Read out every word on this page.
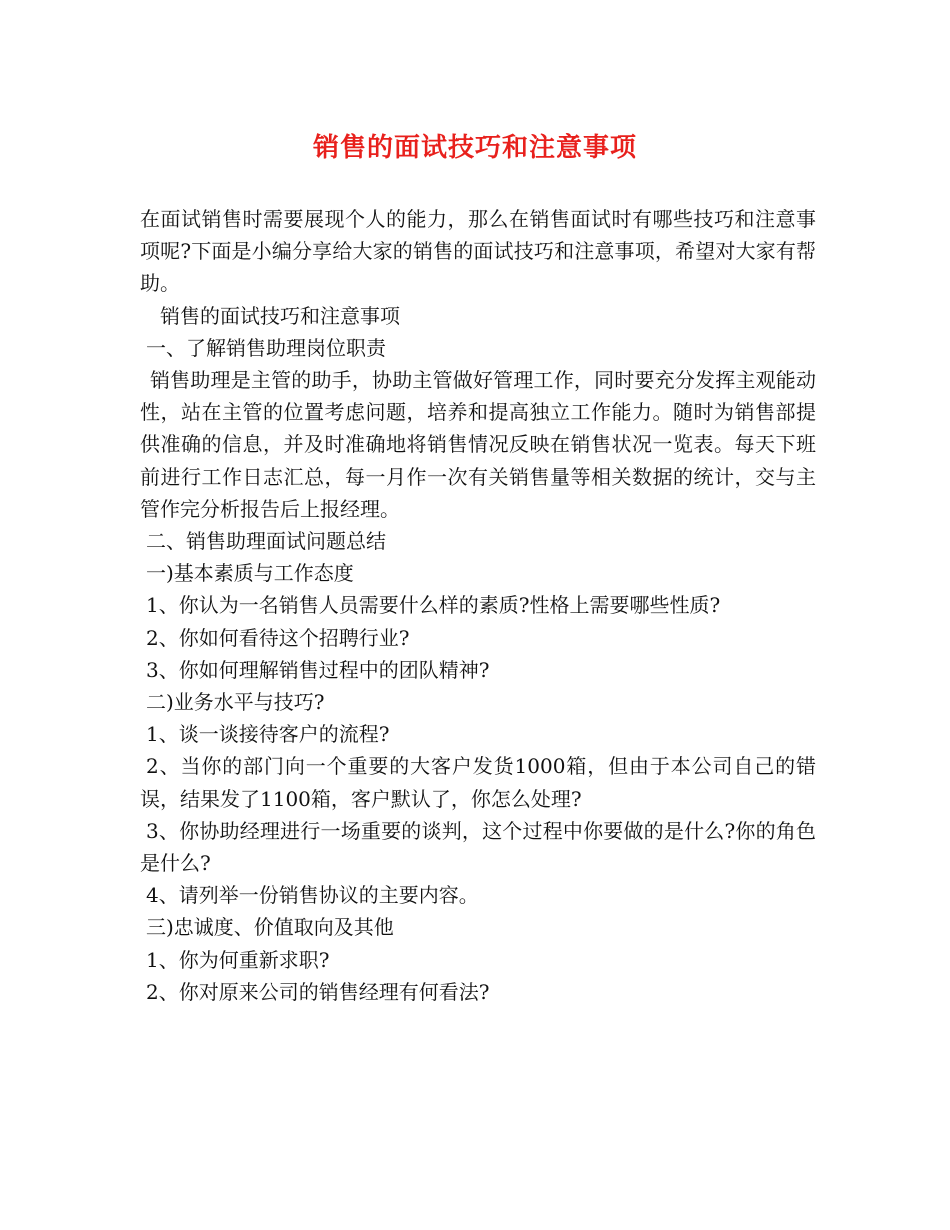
销售的面试技巧和注意事项

在面试销售时需要展现个人的能力，那么在销售面试时有哪些技巧和注意事项呢?下面是小编分享给大家的销售的面试技巧和注意事项，希望对大家有帮助。

销售的面试技巧和注意事项

一、了解销售助理岗位职责

销售助理是主管的助手，协助主管做好管理工作，同时要充分发挥主观能动性，站在主管的位置考虑问题，培养和提高独立工作能力。随时为销售部提供准确的信息，并及时准确地将销售情况反映在销售状况一览表。每天下班前进行工作日志汇总，每一月作一次有关销售量等相关数据的统计，交与主管作完分析报告后上报经理。

二、销售助理面试问题总结

一)基本素质与工作态度

1、你认为一名销售人员需要什么样的素质?性格上需要哪些性质?

2、你如何看待这个招聘行业?

3、你如何理解销售过程中的团队精神?

二)业务水平与技巧?

1、谈一谈接待客户的流程?

2、当你的部门向一个重要的大客户发货1000箱，但由于本公司自己的错误，结果发了1100箱，客户默认了，你怎么处理?

3、你协助经理进行一场重要的谈判，这个过程中你要做的是什么?你的角色是什么?

4、请列举一份销售协议的主要内容。

三)忠诚度、价值取向及其他

1、你为何重新求职?

2、你对原来公司的销售经理有何看法?
